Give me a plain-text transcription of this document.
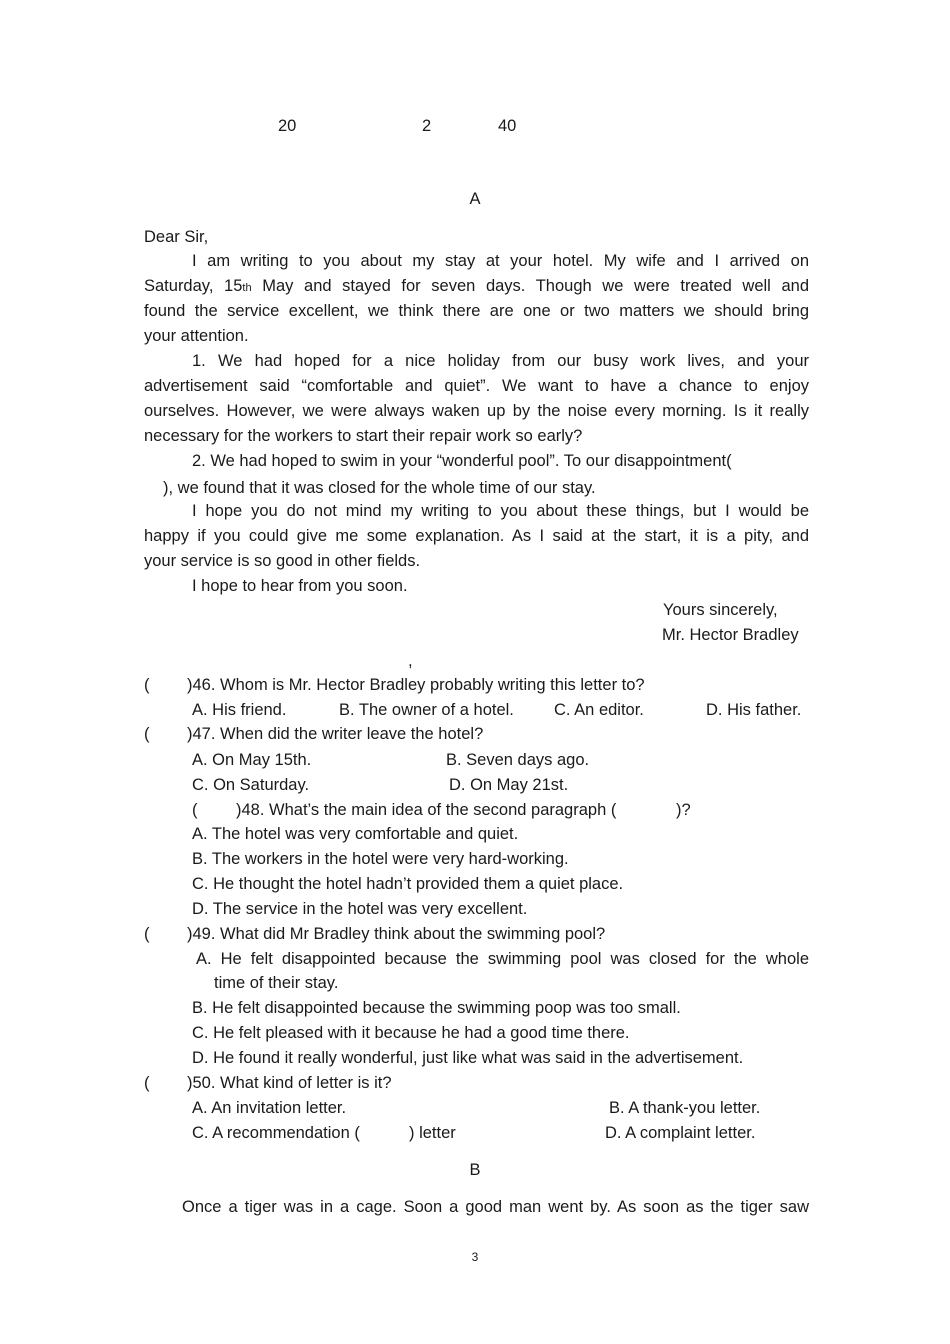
20	2	40
A
Dear Sir,
I am writing to you about my stay at your hotel. My wife and I arrived on
Saturday, 15th May and stayed for seven days. Though we were treated well and
found the service excellent, we think there are one or two matters we should bring
your attention.
1. We had hoped for a nice holiday from our busy work lives, and your
advertisement said “comfortable and quiet”. We want to have a chance to enjoy
ourselves. However, we were always waken up by the noise every morning. Is it really
necessary for the workers to start their repair work so early?
2. We had hoped to swim in your “wonderful pool”. To our disappointment(
), we found that it was closed for the whole time of our stay.
I hope you do not mind my writing to you about these things, but I would be
happy if you could give me some explanation. As I said at the start, it is a pity, and
your service is so good in other fields.
I hope to hear from you soon.
Yours sincerely,
Mr. Hector Bradley
,
( )46. Whom is Mr. Hector Bradley probably writing this letter to?
A. His friend.	B. The owner of a hotel. C. An editor.	D. His father.
( )47. When did the writer leave the hotel?
A. On May 15th.	B. Seven days ago.
C. On Saturday.	D. On May 21st.
( )48. What’s the main idea of the second paragraph (	)?
A. The hotel was very comfortable and quiet.
B. The workers in the hotel were very hard-working.
C. He thought the hotel hadn’t provided them a quiet place.
D. The service in the hotel was very excellent.
( )49. What did Mr Bradley think about the swimming pool?
A. He felt disappointed because the swimming pool was closed for the whole
time of their stay.
B. He felt disappointed because the swimming poop was too small.
C. He felt pleased with it because he had a good time there.
D. He found it really wonderful, just like what was said in the advertisement.
( )50. What kind of letter is it?
A. An invitation letter.	B. A thank-you letter.
C. A recommendation (	) letter	D. A complaint letter.
B
Once a tiger was in a cage. Soon a good man went by. As soon as the tiger saw
3
